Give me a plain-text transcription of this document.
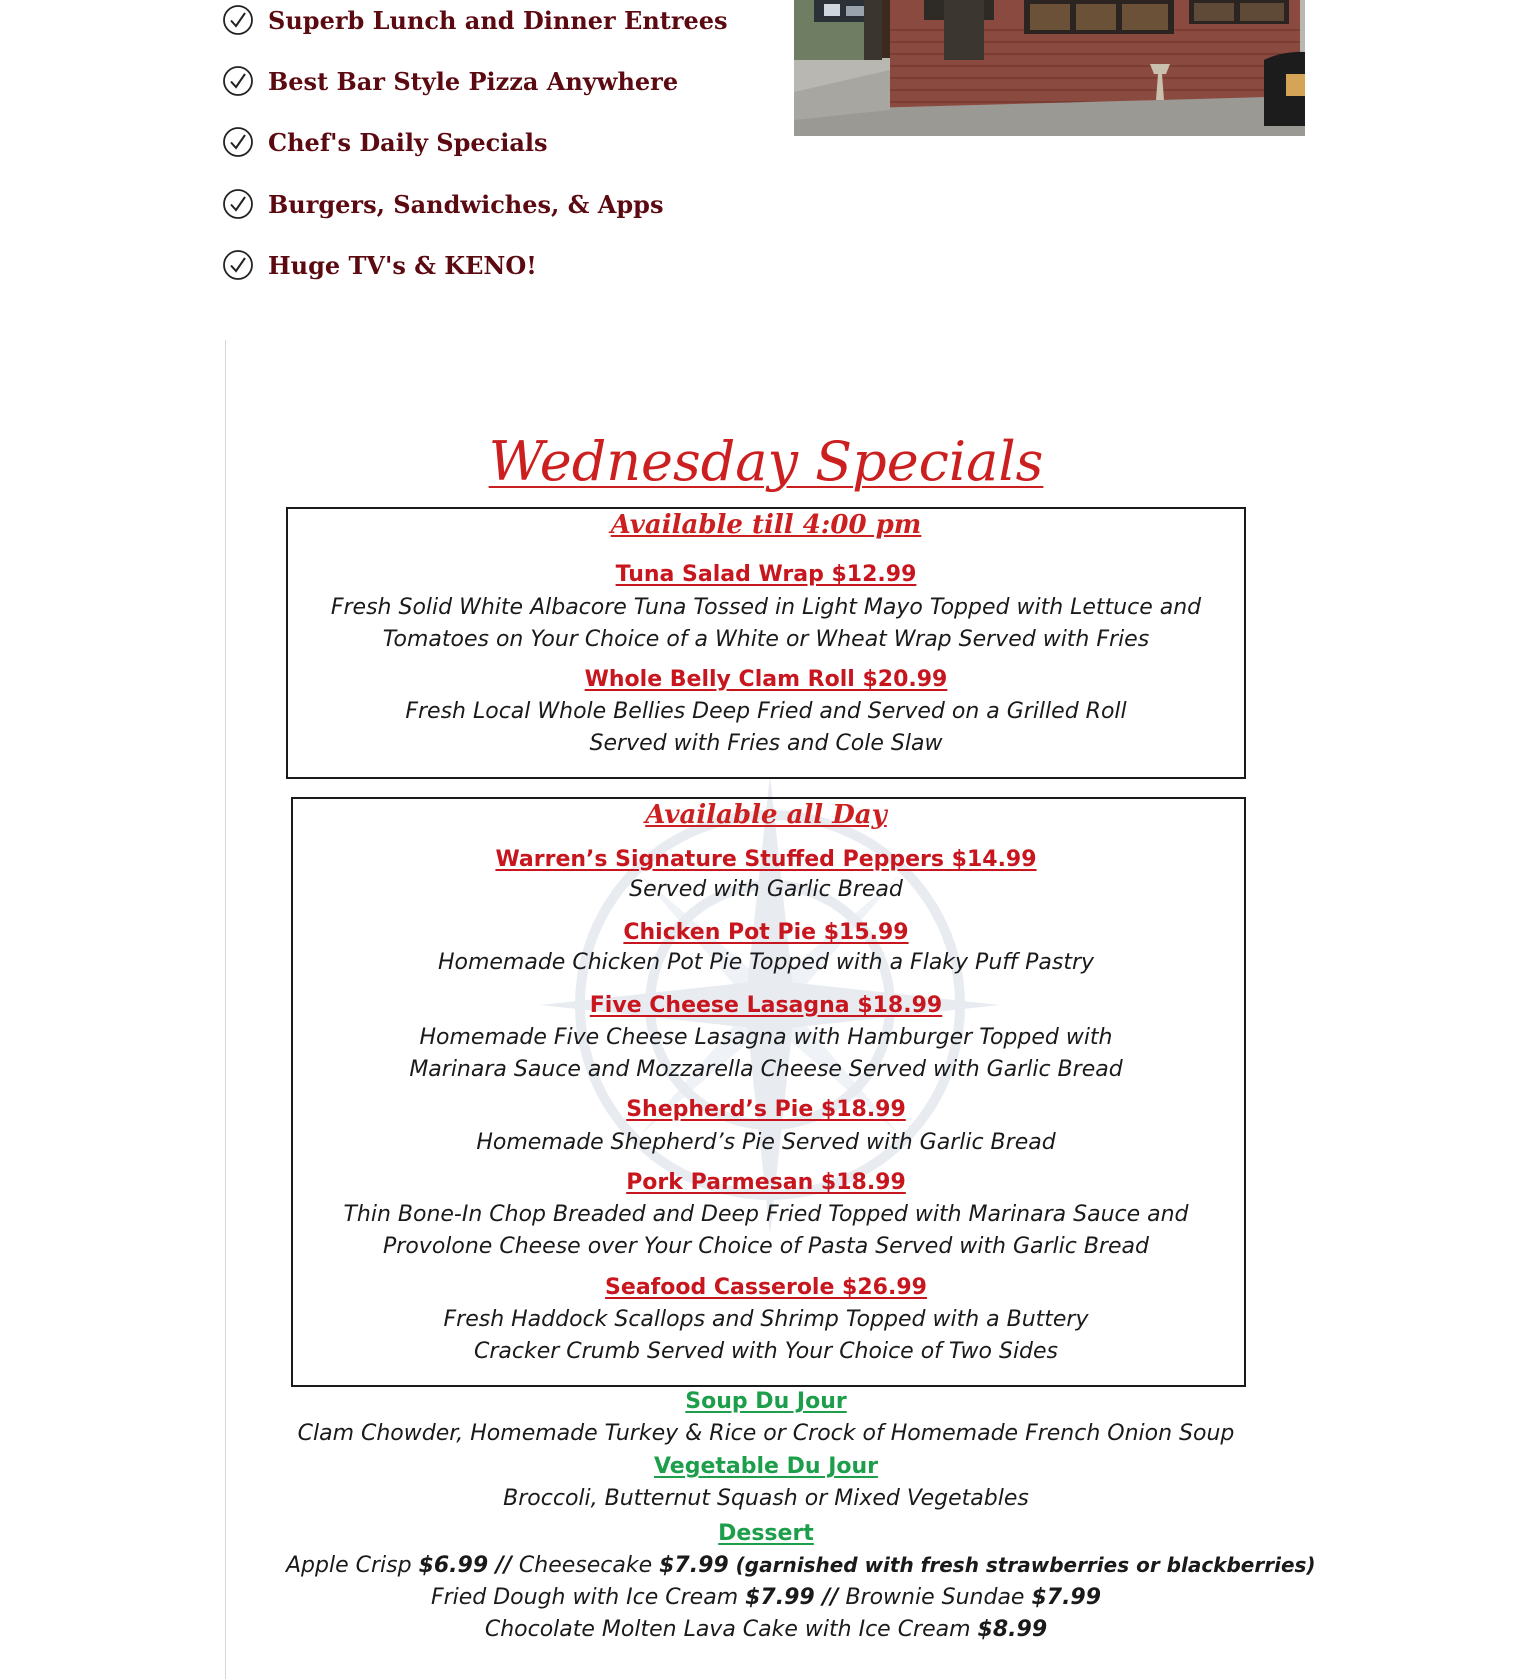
Superb Lunch and Dinner Entrees
Best Bar Style Pizza Anywhere
Chef's Daily Specials
Burgers, Sandwiches, & Apps
Huge TV's & KENO!
Wednesday Specials
Available till 4:00 pm
Tuna Salad Wrap $12.99
Fresh Solid White Albacore Tuna Tossed in Light Mayo Topped with Lettuce and
Tomatoes on Your Choice of a White or Wheat Wrap Served with Fries
Whole Belly Clam Roll $20.99
Fresh Local Whole Bellies Deep Fried and Served on a Grilled Roll
Served with Fries and Cole Slaw
Available all Day
Warren’s Signature Stuffed Peppers $14.99
Served with Garlic Bread
Chicken Pot Pie $15.99
Homemade Chicken Pot Pie Topped with a Flaky Puff Pastry
Five Cheese Lasagna $18.99
Homemade Five Cheese Lasagna with Hamburger Topped with
Marinara Sauce and Mozzarella Cheese Served with Garlic Bread
Shepherd’s Pie $18.99
Homemade Shepherd’s Pie Served with Garlic Bread
Pork Parmesan $18.99
Thin Bone-In Chop Breaded and Deep Fried Topped with Marinara Sauce and
Provolone Cheese over Your Choice of Pasta Served with Garlic Bread
Seafood Casserole $26.99
Fresh Haddock Scallops and Shrimp Topped with a Buttery
Cracker Crumb Served with Your Choice of Two Sides
Soup Du Jour
Clam Chowder, Homemade Turkey & Rice or Crock of Homemade French Onion Soup
Vegetable Du Jour
Broccoli, Butternut Squash or Mixed Vegetables
Dessert
Apple Crisp $6.99 // Cheesecake $7.99 (garnished with fresh strawberries or blackberries)
Fried Dough with Ice Cream $7.99 // Brownie Sundae $7.99
Chocolate Molten Lava Cake with Ice Cream $8.99
